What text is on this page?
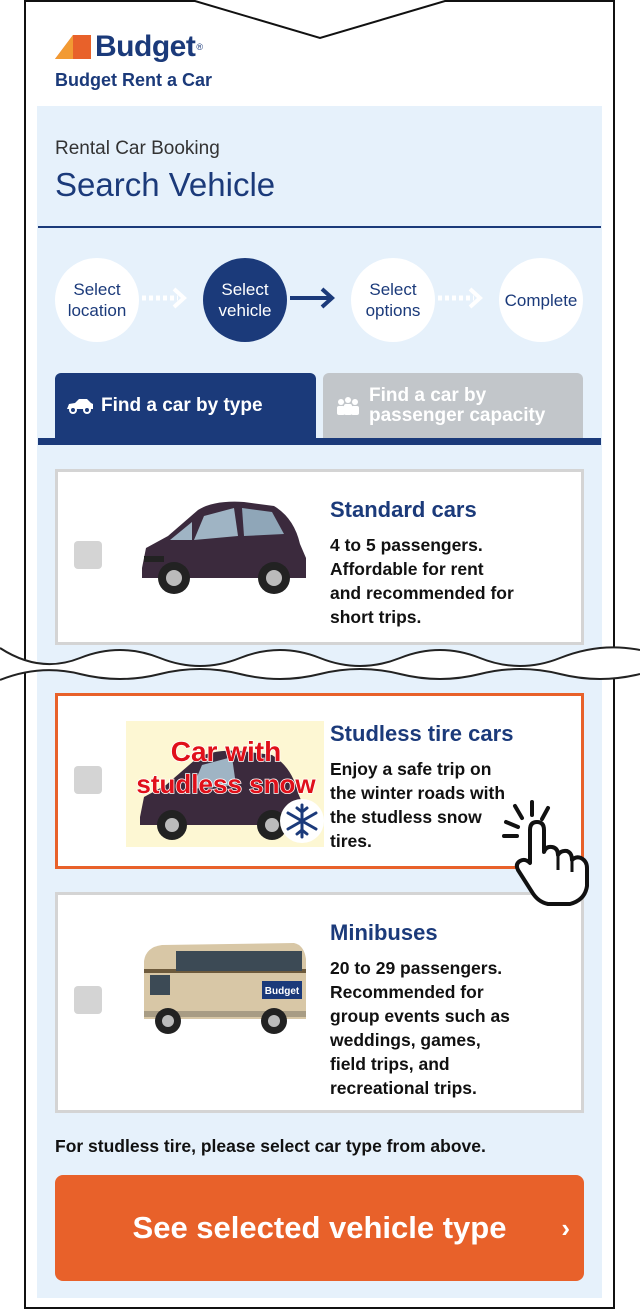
Budget ®
Budget Rent a Car
Rental Car Booking
Search Vehicle
Select
location
Select
vehicle
Select
options
Complete
Find a car by type	Find a car by
passenger capacity
Standard cars
4 to 5 passengers.
Affordable for rent
and recommended for
short trips.
Car with
studless snow
Studless tire cars
Enjoy a safe trip on
the winter roads with
the studless snow
tires.
Budget
Minibuses
20 to 29 passengers.
Recommended for
group events such as
weddings, games,
field trips, and
recreational trips.
For studless tire, please select car type from above.
See selected vehicle type ›
